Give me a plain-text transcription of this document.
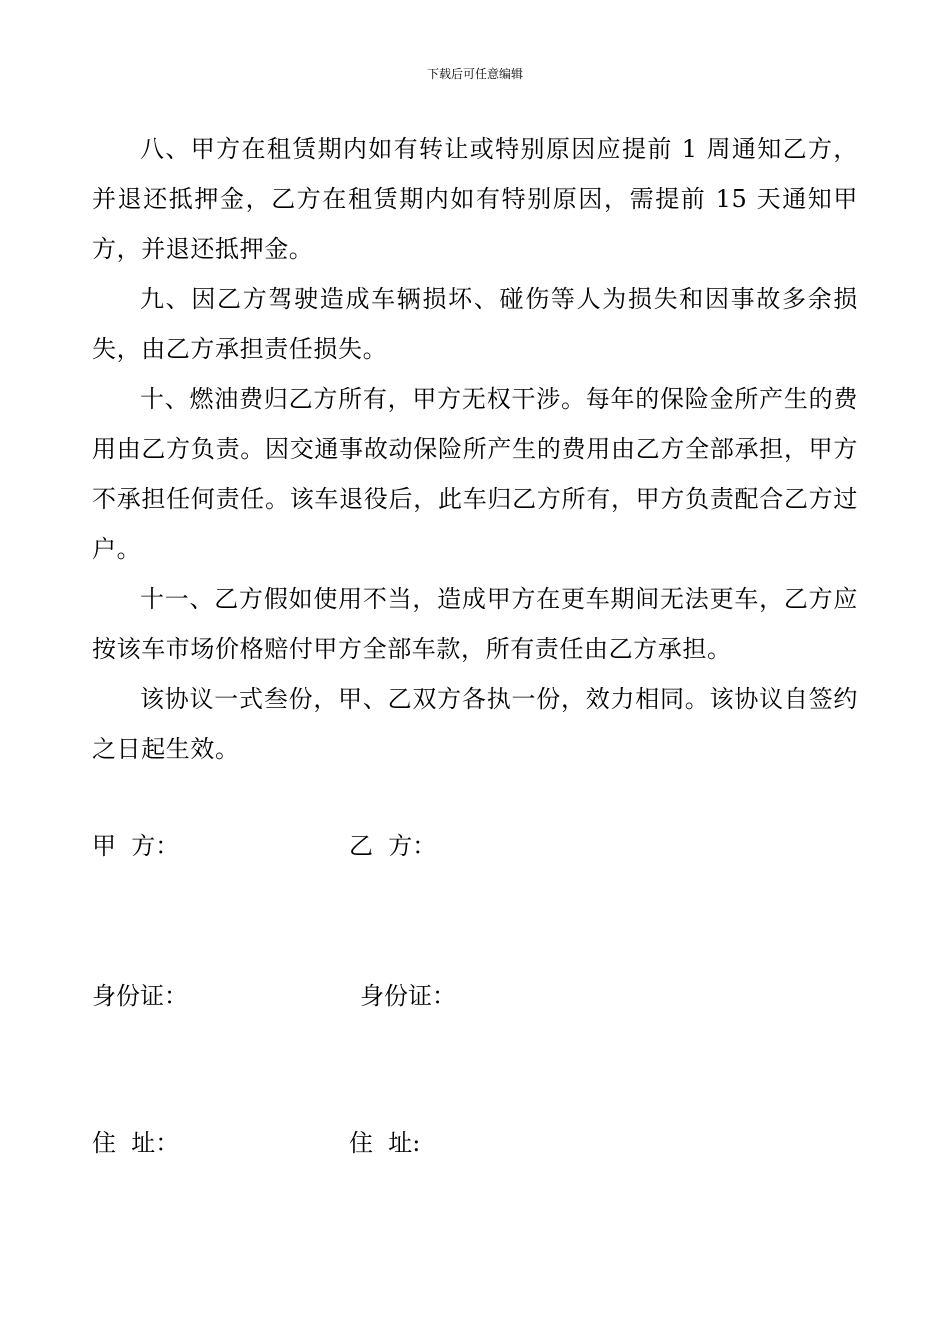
下载后可任意编辑

八、甲方在租赁期内如有转让或特别原因应提前 1 周通知乙方，并退还抵押金，乙方在租赁期内如有特别原因，需提前 15 天通知甲方，并退还抵押金。

九、因乙方驾驶造成车辆损坏、碰伤等人为损失和因事故多余损失，由乙方承担责任损失。

十、燃油费归乙方所有，甲方无权干涉。每年的保险金所产生的费用由乙方负责。因交通事故动保险所产生的费用由乙方全部承担，甲方不承担任何责任。该车退役后，此车归乙方所有，甲方负责配合乙方过户。

十一、乙方假如使用不当，造成甲方在更车期间无法更车，乙方应按该车市场价格赔付甲方全部车款，所有责任由乙方承担。

该协议一式叁份，甲、乙双方各执一份，效力相同。该协议自签约之日起生效。

甲  方：	乙  方：
身份证：	身份证：
住  址：	住  址:
